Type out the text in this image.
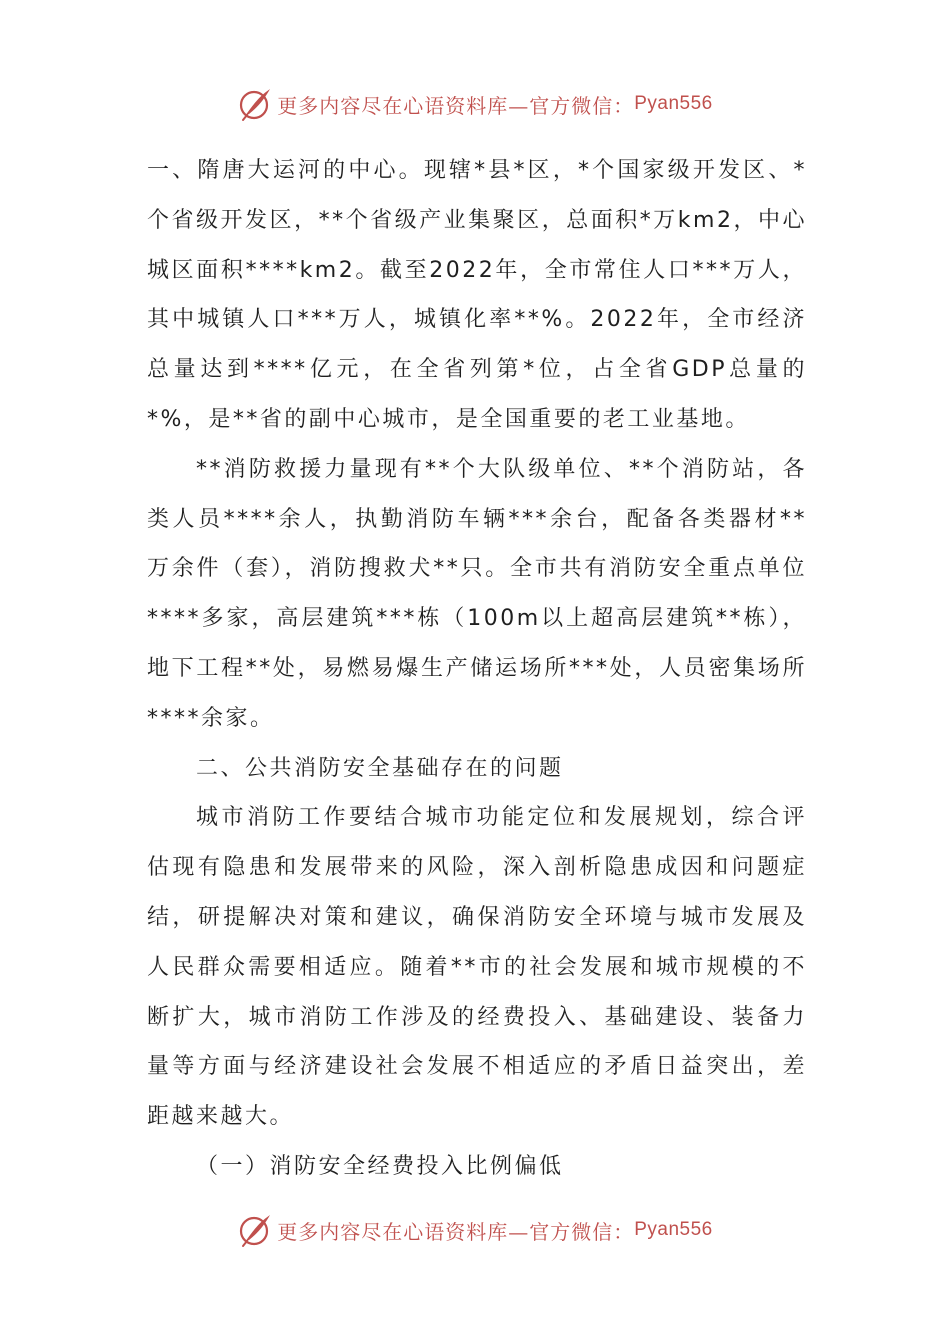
更多内容尽在心语资料库—官方微信： Pyan556

一、隋唐大运河的中心。现辖*县*区，*个国家级开发区、*个省级开发区，**个省级产业集聚区，总面积*万km2，中心城区面积****km2。截至2022年，全市常住人口***万人，其中城镇人口***万人，城镇化率**%。2022年，全市经济总量达到****亿元，在全省列第*位，占全省GDP总量的*%，是**省的副中心城市，是全国重要的老工业基地。

**消防救援力量现有**个大队级单位、**个消防站，各类人员****余人，执勤消防车辆***余台，配备各类器材**万余件（套），消防搜救犬**只。全市共有消防安全重点单位****多家，高层建筑***栋（100m以上超高层建筑**栋），地下工程**处，易燃易爆生产储运场所***处，人员密集场所****余家。

二、公共消防安全基础存在的问题

城市消防工作要结合城市功能定位和发展规划，综合评估现有隐患和发展带来的风险，深入剖析隐患成因和问题症结，研提解决对策和建议，确保消防安全环境与城市发展及人民群众需要相适应。随着**市的社会发展和城市规模的不断扩大，城市消防工作涉及的经费投入、基础建设、装备力量等方面与经济建设社会发展不相适应的矛盾日益突出，差距越来越大。

（一）消防安全经费投入比例偏低

更多内容尽在心语资料库—官方微信： Pyan556
